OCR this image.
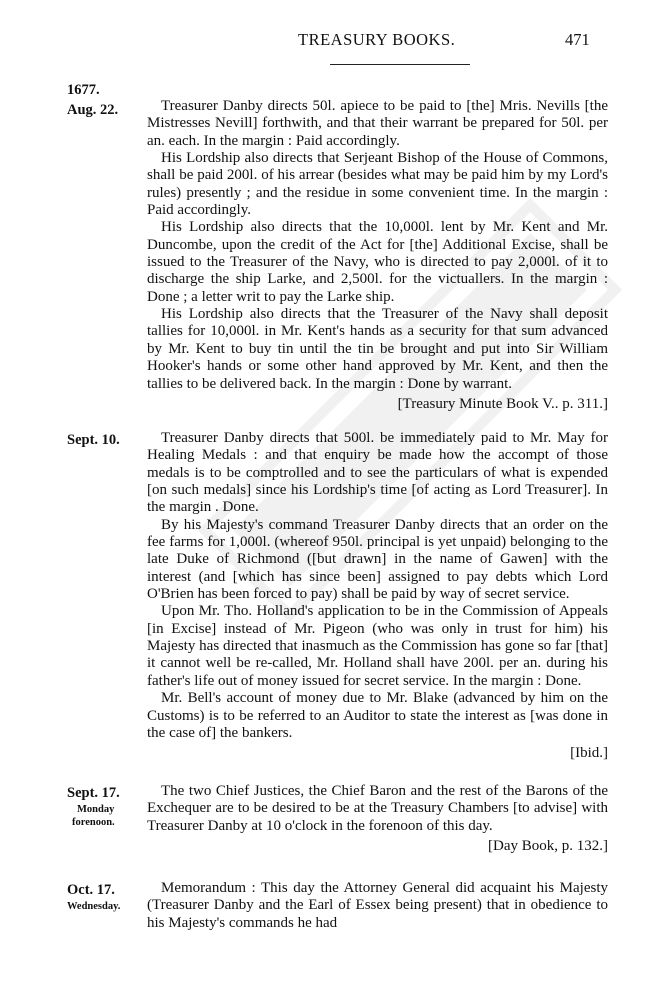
TREASURY BOOKS.	471
1677.
Aug. 22.	Treasurer Danby directs 50l. apiece to be paid to [the] Mris. Nevills [the Mistresses Nevill] forthwith, and that their warrant be prepared for 50l. per an. each. In the margin : Paid accordingly.

His Lordship also directs that Serjeant Bishop of the House of Commons, shall be paid 200l. of his arrear (besides what may be paid him by my Lord's rules) presently ; and the residue in some convenient time. In the margin : Paid accordingly.

His Lordship also directs that the 10,000l. lent by Mr. Kent and Mr. Duncombe, upon the credit of the Act for [the] Additional Excise, shall be issued to the Treasurer of the Navy, who is directed to pay 2,000l. of it to discharge the ship Larke, and 2,500l. for the victuallers. In the margin : Done ; a letter writ to pay the Larke ship.

His Lordship also directs that the Treasurer of the Navy shall deposit tallies for 10,000l. in Mr. Kent's hands as a security for that sum advanced by Mr. Kent to buy tin until the tin be brought and put into Sir William Hooker's hands or some other hand approved by Mr. Kent, and then the tallies to be delivered back. In the margin : Done by warrant.

[Treasury Minute Book V.. p. 311.]
Sept. 10.	Treasurer Danby directs that 500l. be immediately paid to Mr. May for Healing Medals : and that enquiry be made how the accompt of those medals is to be comptrolled and to see the particulars of what is expended [on such medals] since his Lordship's time [of acting as Lord Treasurer]. In the margin . Done.

By his Majesty's command Treasurer Danby directs that an order on the fee farms for 1,000l. (whereof 950l. principal is yet unpaid) belonging to the late Duke of Richmond ([but drawn] in the name of Gawen] with the interest (and [which has since been] assigned to pay debts which Lord O'Brien has been forced to pay) shall be paid by way of secret service.

Upon Mr. Tho. Holland's application to be in the Commission of Appeals [in Excise] instead of Mr. Pigeon (who was only in trust for him) his Majesty has directed that inasmuch as the Commission has gone so far [that] it cannot well be re-called, Mr. Holland shall have 200l. per an. during his father's life out of money issued for secret service. In the margin : Done.

Mr. Bell's account of money due to Mr. Blake (advanced by him on the Customs) is to be referred to an Auditor to state the interest as [was done in the case of] the bankers.

[Ibid.]
Sept. 17.
Monday
forenoon.

The two Chief Justices, the Chief Baron and the rest of the Barons of the Exchequer are to be desired to be at the Treasury Chambers [to advise] with Treasurer Danby at 10 o'clock in the forenoon of this day.

[Day Book, p. 132.]
Oct. 17.
Wednesday.

Memorandum : This day the Attorney General did acquaint his Majesty (Treasurer Danby and the Earl of Essex being present) that in obedience to his Majesty's commands he had
